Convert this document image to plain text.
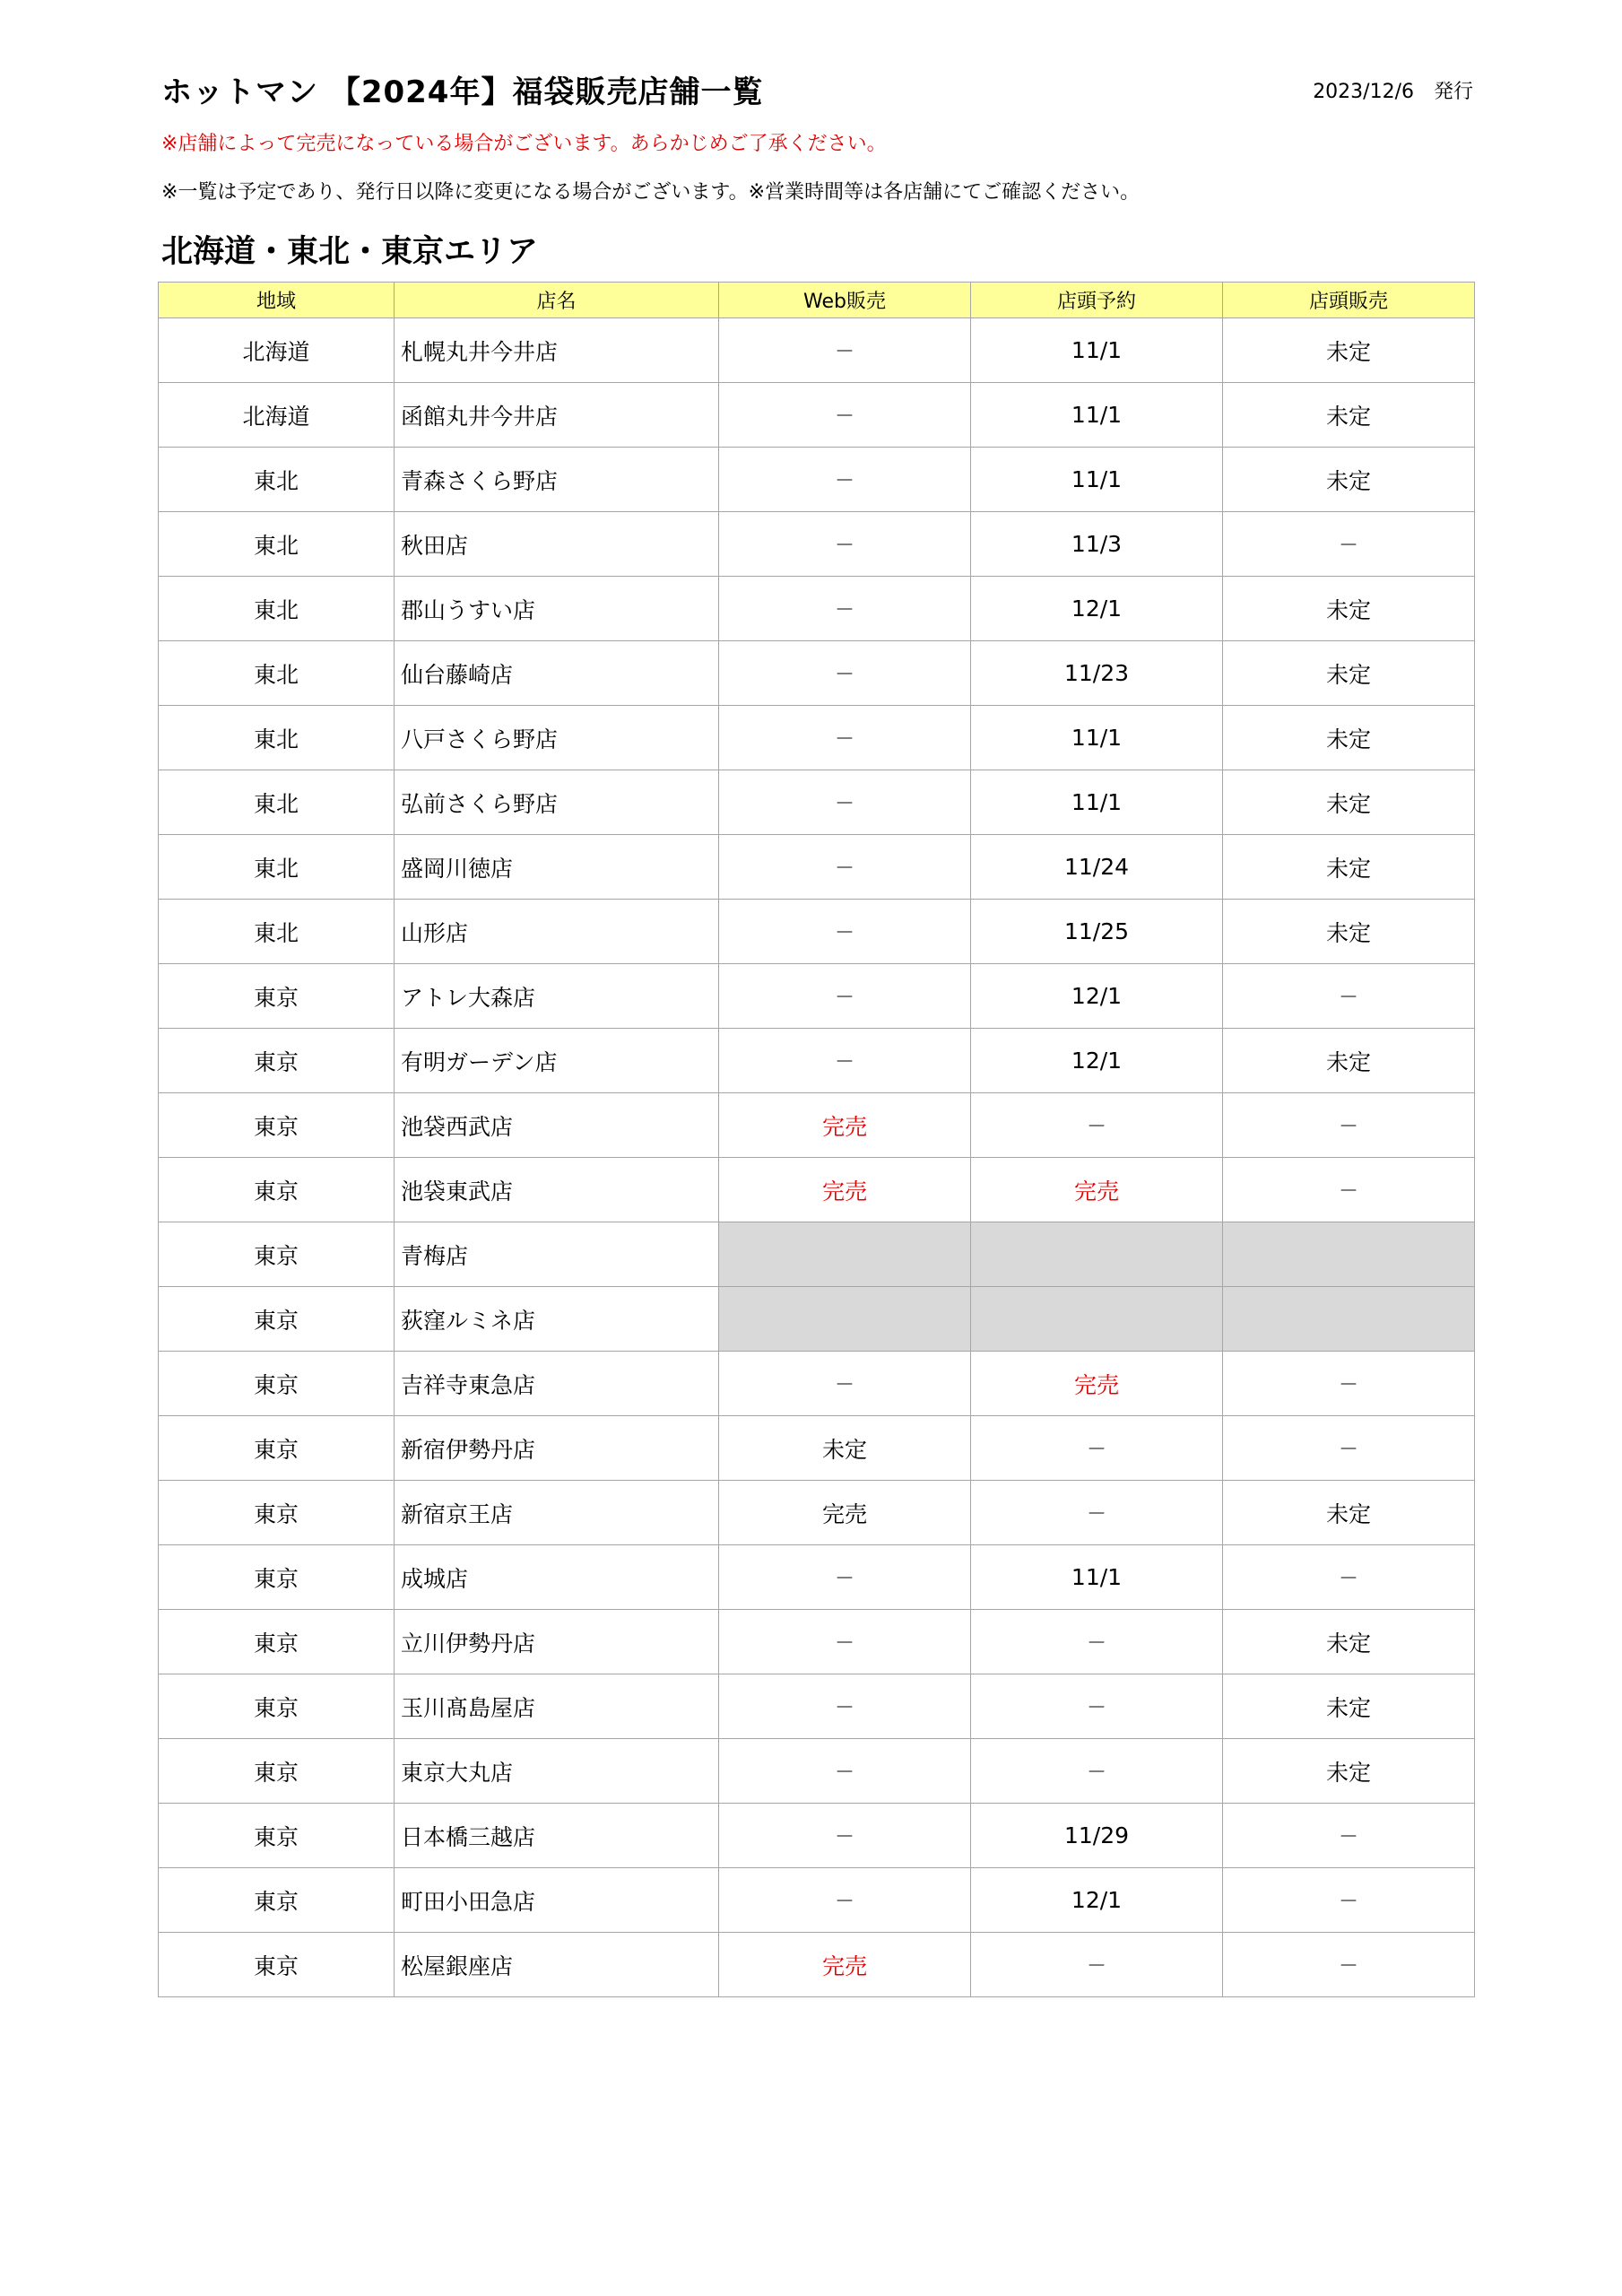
ホットマン 【2024年】福袋販売店舗一覧	2023/12/6　発行
※店舗によって完売になっている場合がございます。あらかじめご了承ください。
※一覧は予定であり、発行日以降に変更になる場合がございます。※営業時間等は各店舗にてご確認ください。
北海道・東北・東京エリア
地域	店名	Web販売	店頭予約	店頭販売
北海道	札幌丸井今井店	－	11/1	未定
北海道	函館丸井今井店	－	11/1	未定
東北	青森さくら野店	－	11/1	未定
東北	秋田店	－	11/3	－
東北	郡山うすい店	－	12/1	未定
東北	仙台藤崎店	－	11/23	未定
東北	八戸さくら野店	－	11/1	未定
東北	弘前さくら野店	－	11/1	未定
東北	盛岡川徳店	－	11/24	未定
東北	山形店	－	11/25	未定
東京	アトレ大森店	－	12/1	－
東京	有明ガーデン店	－	12/1	未定
東京	池袋西武店	完売	－	－
東京	池袋東武店	完売	完売	－
東京	青梅店			
東京	荻窪ルミネ店			
東京	吉祥寺東急店	－	完売	－
東京	新宿伊勢丹店	未定	－	－
東京	新宿京王店	完売	－	未定
東京	成城店	－	11/1	－
東京	立川伊勢丹店	－	－	未定
東京	玉川髙島屋店	－	－	未定
東京	東京大丸店	－	－	未定
東京	日本橋三越店	－	11/29	－
東京	町田小田急店	－	12/1	－
東京	松屋銀座店	完売	－	－
